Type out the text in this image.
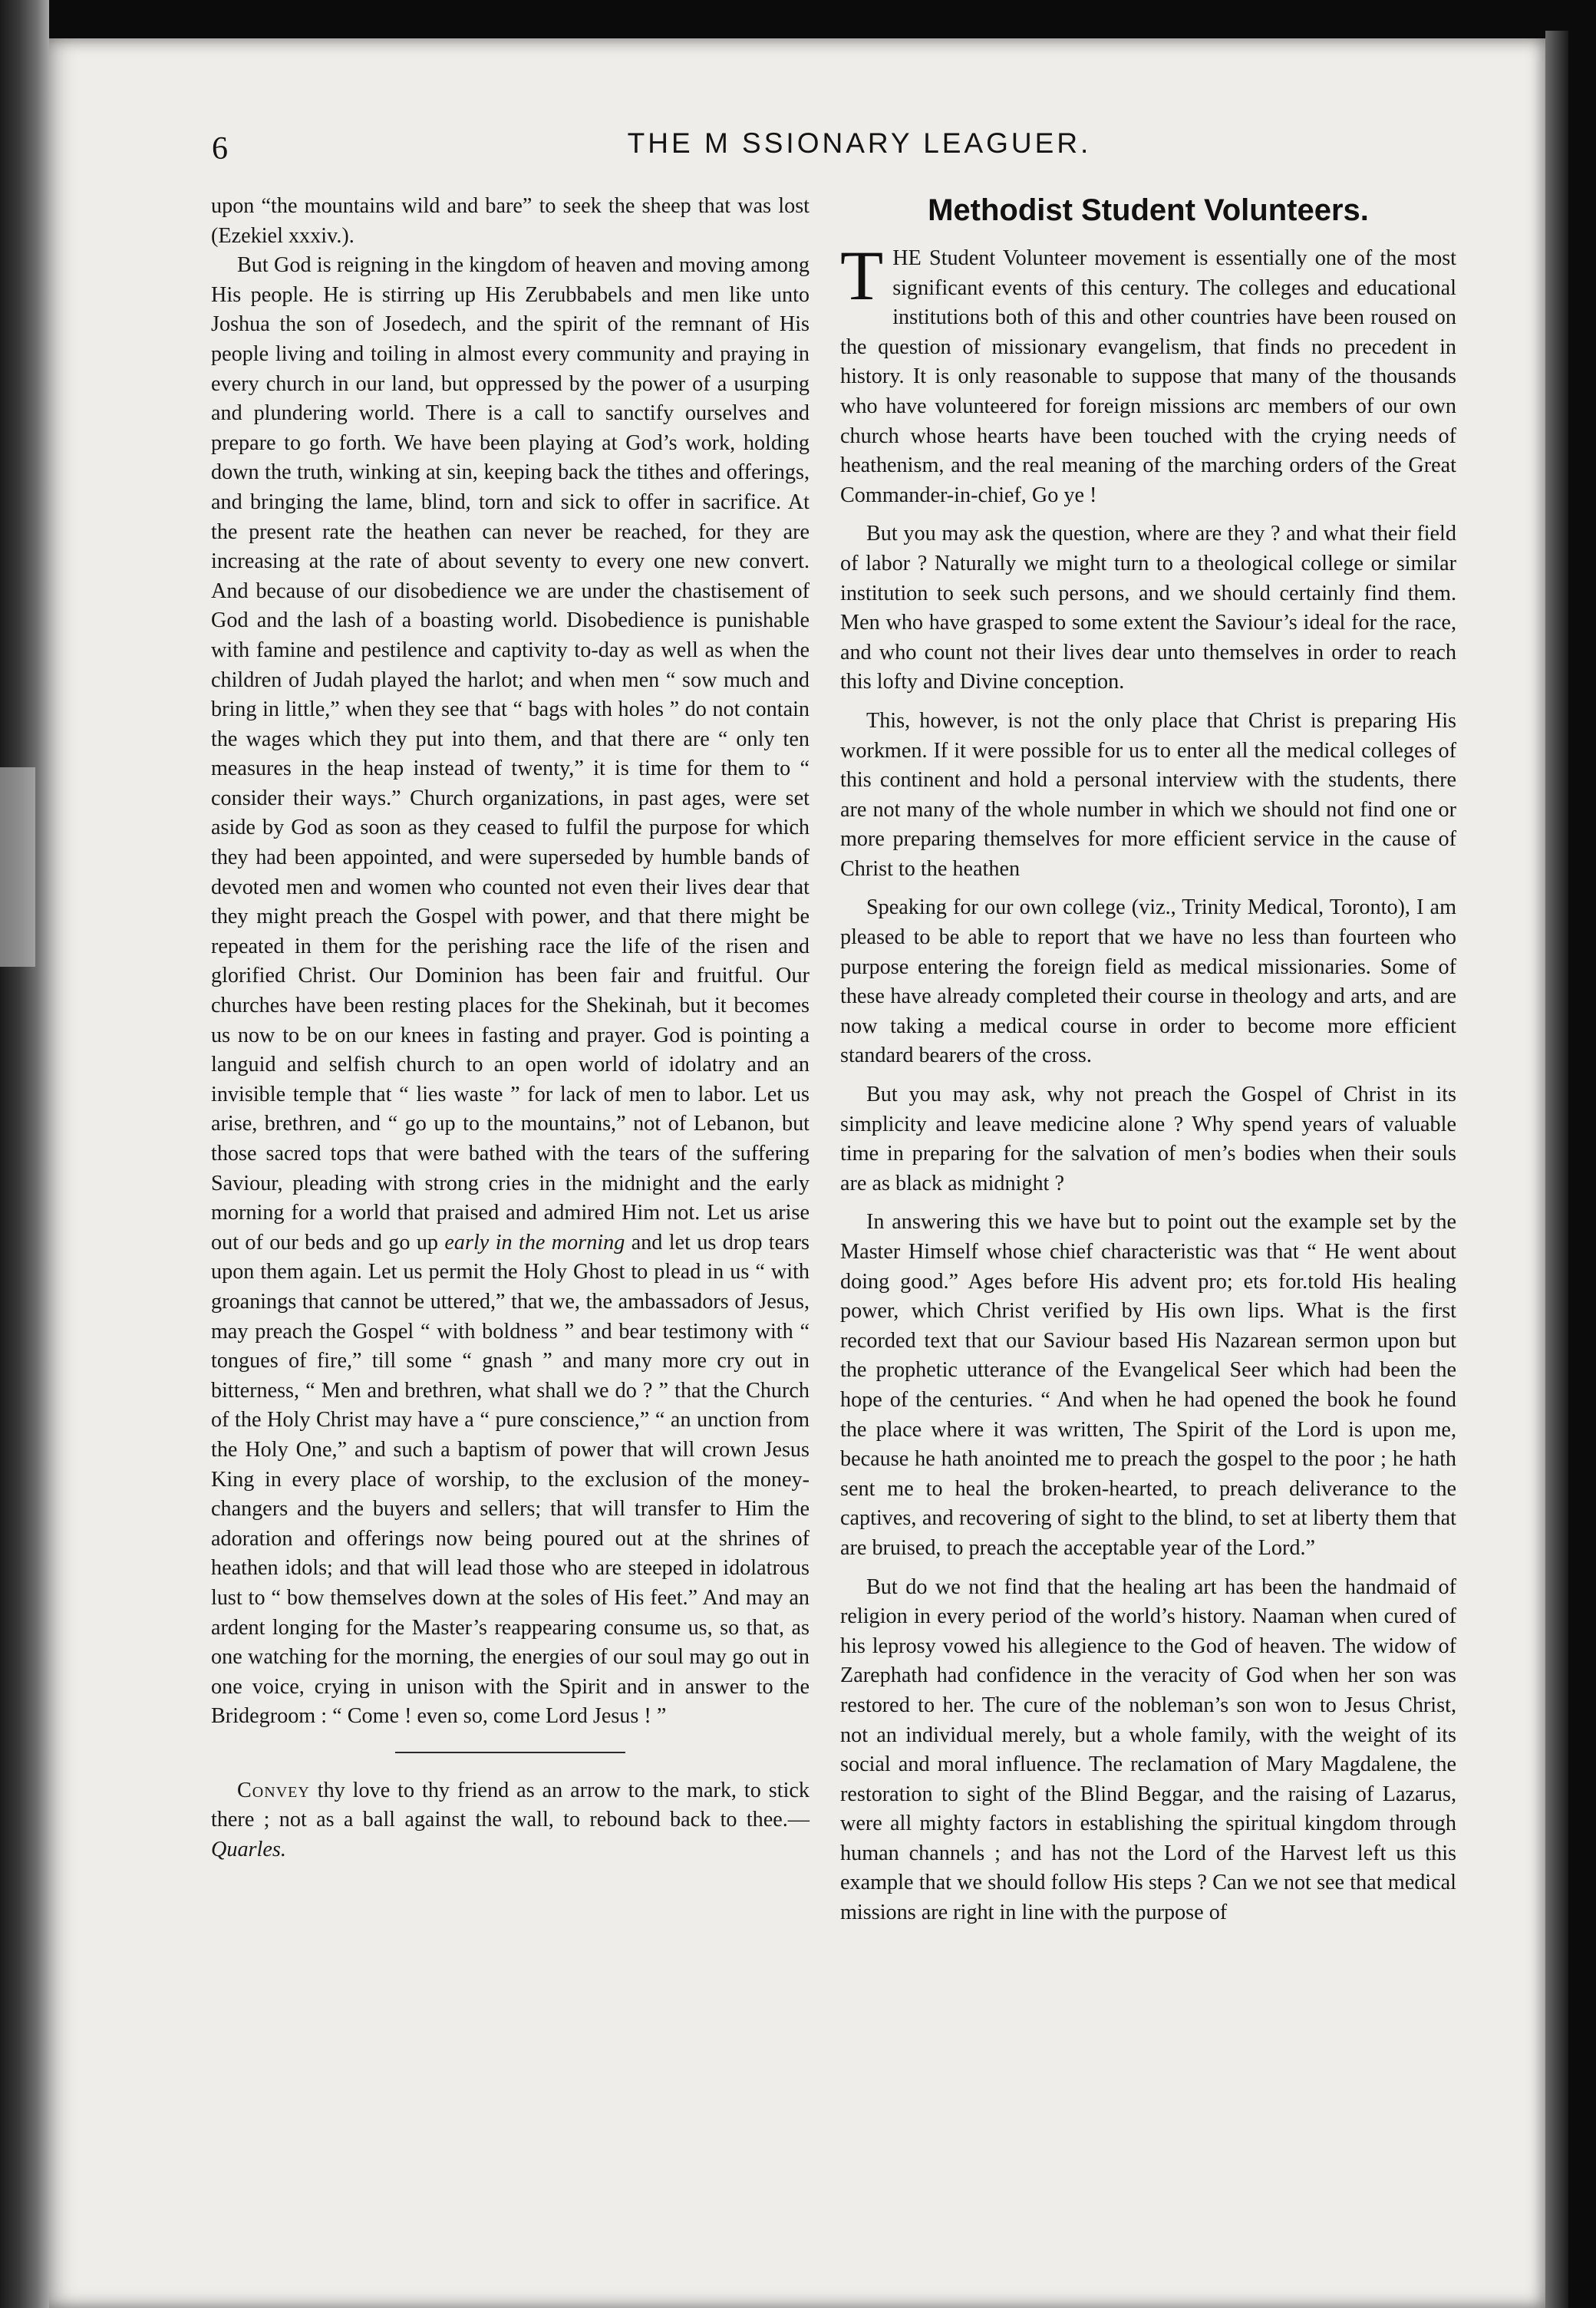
6	THE M SSIONARY LEAGUER.

upon “the mountains wild and bare” to seek the sheep that was lost (Ezekiel xxxiv.).

But God is reigning in the kingdom of heaven and moving among His people. He is stirring up His Zerubbabels and men like unto Joshua the son of Josedech, and the spirit of the remnant of His people living and toiling in almost every community and praying in every church in our land, but oppressed by the power of a usurping and plundering world. There is a call to sanctify ourselves and prepare to go forth. We have been playing at God’s work, holding down the truth, winking at sin, keeping back the tithes and offerings, and bringing the lame, blind, torn and sick to offer in sacrifice. At the present rate the heathen can never be reached, for they are increasing at the rate of about seventy to every one new convert. And because of our disobedience we are under the chastisement of God and the lash of a boasting world. Disobedience is punishable with famine and pestilence and captivity to-day as well as when the children of Judah played the harlot; and when men “ sow much and bring in little,” when they see that “ bags with holes ” do not contain the wages which they put into them, and that there are “ only ten measures in the heap instead of twenty,” it is time for them to “ consider their ways.” Church organizations, in past ages, were set aside by God as soon as they ceased to fulfil the purpose for which they had been appointed, and were superseded by humble bands of devoted men and women who counted not even their lives dear that they might preach the Gospel with power, and that there might be repeated in them for the perishing race the life of the risen and glorified Christ. Our Dominion has been fair and fruitful. Our churches have been resting places for the Shekinah, but it becomes us now to be on our knees in fasting and prayer. God is pointing a languid and selfish church to an open world of idolatry and an invisible temple that “ lies waste ” for lack of men to labor. Let us arise, brethren, and “ go up to the mountains,” not of Lebanon, but those sacred tops that were bathed with the tears of the suffering Saviour, pleading with strong cries in the midnight and the early morning for a world that praised and admired Him not. Let us arise out of our beds and go up early in the morning and let us drop tears upon them again. Let us permit the Holy Ghost to plead in us “ with groanings that cannot be uttered,” that we, the ambassadors of Jesus, may preach the Gospel “ with boldness ” and bear testimony with “ tongues of fire,” till some “ gnash ” and many more cry out in bitterness, “ Men and brethren, what shall we do ? ” that the Church of the Holy Christ may have a “ pure conscience,” “ an unction from the Holy One,” and such a baptism of power that will crown Jesus King in every place of worship, to the exclusion of the money-changers and the buyers and sellers; that will transfer to Him the adoration and offerings now being poured out at the shrines of heathen idols; and that will lead those who are steeped in idolatrous lust to “ bow themselves down at the soles of His feet.” And may an ardent longing for the Master’s reappearing consume us, so that, as one watching for the morning, the energies of our soul may go out in one voice, crying in unison with the Spirit and in answer to the Bridegroom : “ Come ! even so, come Lord Jesus ! ”

Convey thy love to thy friend as an arrow to the mark, to stick there ; not as a ball against the wall, to rebound back to thee.—Quarles.

Methodist Student Volunteers.

THE Student Volunteer movement is essentially one of the most significant events of this century. The colleges and educational institutions both of this and other countries have been roused on the question of missionary evangelism, that finds no precedent in history. It is only reasonable to suppose that many of the thousands who have volunteered for foreign missions arc members of our own church whose hearts have been touched with the crying needs of heathenism, and the real meaning of the marching orders of the Great Commander-in-chief, Go ye !

But you may ask the question, where are they ? and what their field of labor ? Naturally we might turn to a theological college or similar institution to seek such persons, and we should certainly find them. Men who have grasped to some extent the Saviour’s ideal for the race, and who count not their lives dear unto themselves in order to reach this lofty and Divine conception.

This, however, is not the only place that Christ is preparing His workmen. If it were possible for us to enter all the medical colleges of this continent and hold a personal interview with the students, there are not many of the whole number in which we should not find one or more preparing themselves for more efficient service in the cause of Christ to the heathen

Speaking for our own college (viz., Trinity Medical, Toronto), I am pleased to be able to report that we have no less than fourteen who purpose entering the foreign field as medical missionaries. Some of these have already completed their course in theology and arts, and are now taking a medical course in order to become more efficient standard bearers of the cross.

But you may ask, why not preach the Gospel of Christ in its simplicity and leave medicine alone ? Why spend years of valuable time in preparing for the salvation of men’s bodies when their souls are as black as midnight ?

In answering this we have but to point out the example set by the Master Himself whose chief characteristic was that “ He went about doing good.” Ages before His advent pro; ets for.told His healing power, which Christ verified by His own lips. What is the first recorded text that our Saviour based His Nazarean sermon upon but the prophetic utterance of the Evangelical Seer which had been the hope of the centuries. “ And when he had opened the book he found the place where it was written, The Spirit of the Lord is upon me, because he hath anointed me to preach the gospel to the poor ; he hath sent me to heal the broken-hearted, to preach deliverance to the captives, and recovering of sight to the blind, to set at liberty them that are bruised, to preach the acceptable year of the Lord.”

But do we not find that the healing art has been the handmaid of religion in every period of the world’s history. Naaman when cured of his leprosy vowed his allegience to the God of heaven. The widow of Zarephath had confidence in the veracity of God when her son was restored to her. The cure of the nobleman’s son won to Jesus Christ, not an individual merely, but a whole family, with the weight of its social and moral influence. The reclamation of Mary Magdalene, the restoration to sight of the Blind Beggar, and the raising of Lazarus, were all mighty factors in establishing the spiritual kingdom through human channels ; and has not the Lord of the Harvest left us this example that we should follow His steps ? Can we not see that medical missions are right in line with the purpose of
